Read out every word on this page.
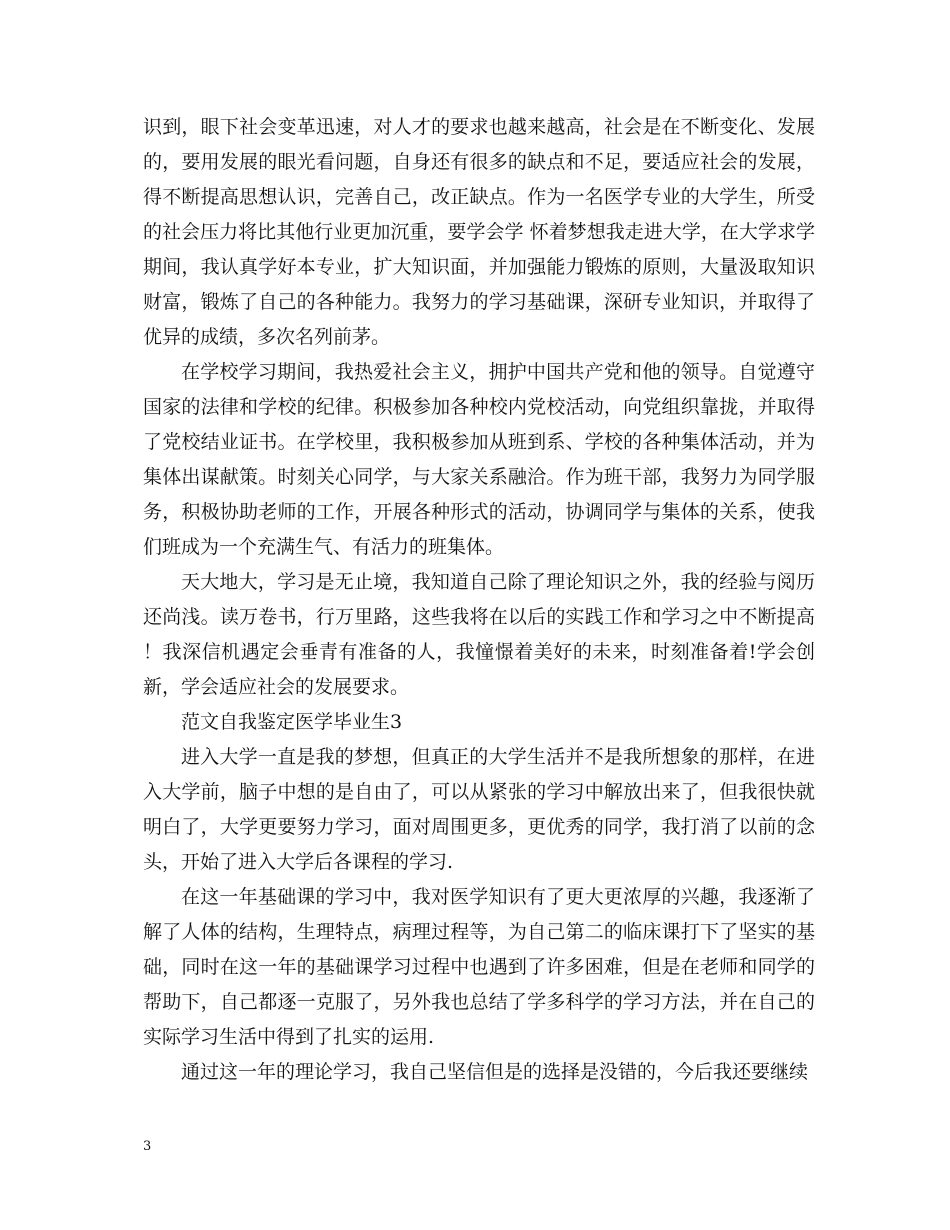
识到，眼下社会变革迅速，对人才的要求也越来越高，社会是在不断变化、发展的，要用发展的眼光看问题，自身还有很多的缺点和不足，要适应社会的发展，得不断提高思想认识，完善自己，改正缺点。作为一名医学专业的大学生，所受的社会压力将比其他行业更加沉重，要学会学 怀着梦想我走进大学，在大学求学期间，我认真学好本专业，扩大知识面，并加强能力锻炼的原则，大量汲取知识财富，锻炼了自己的各种能力。我努力的学习基础课，深研专业知识，并取得了优异的成绩，多次名列前茅。

在学校学习期间，我热爱社会主义，拥护中国共产党和他的领导。自觉遵守国家的法律和学校的纪律。积极参加各种校内党校活动，向党组织靠拢，并取得了党校结业证书。在学校里，我积极参加从班到系、学校的各种集体活动，并为集体出谋献策。时刻关心同学，与大家关系融洽。作为班干部，我努力为同学服务，积极协助老师的工作，开展各种形式的活动，协调同学与集体的关系，使我们班成为一个充满生气、有活力的班集体。

天大地大，学习是无止境，我知道自己除了理论知识之外，我的经验与阅历还尚浅。读万卷书，行万里路，这些我将在以后的实践工作和学习之中不断提高！我深信机遇定会垂青有准备的人，我憧憬着美好的未来，时刻准备着!学会创新，学会适应社会的发展要求。

范文自我鉴定医学毕业生3

进入大学一直是我的梦想，但真正的大学生活并不是我所想象的那样，在进入大学前，脑子中想的是自由了，可以从紧张的学习中解放出来了，但我很快就明白了，大学更要努力学习，面对周围更多，更优秀的同学，我打消了以前的念头，开始了进入大学后各课程的学习.

在这一年基础课的学习中，我对医学知识有了更大更浓厚的兴趣，我逐渐了解了人体的结构，生理特点，病理过程等，为自己第二的临床课打下了坚实的基础，同时在这一年的基础课学习过程中也遇到了许多困难，但是在老师和同学的帮助下，自己都逐一克服了，另外我也总结了学多科学的学习方法，并在自己的实际学习生活中得到了扎实的运用.

通过这一年的理论学习，我自己坚信但是的选择是没错的，今后我还要继续

3
